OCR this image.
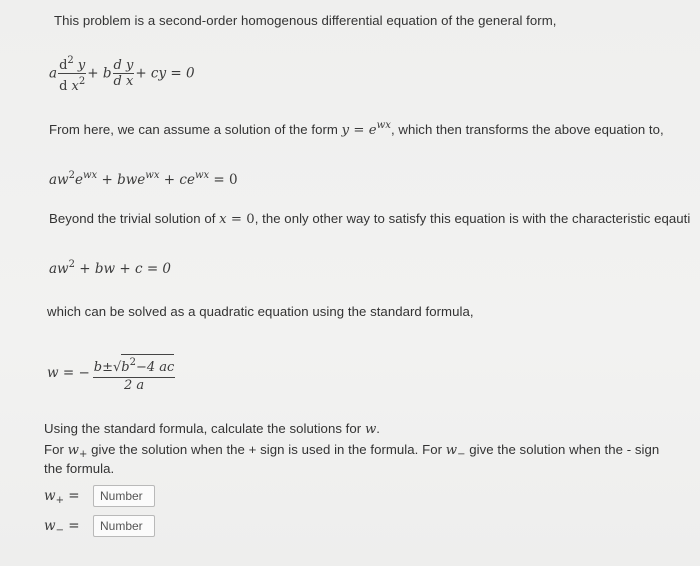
This problem is a second-order homogenous differential equation of the general form,
a $\frac{d^2 y}{d x^2} + b \frac{\text{d y}}{\text{d x}}$ + cy = 0
From here, we can assume a solution of the form $y = e^{wx}$, which then transforms the above equation to,
$aw^2e^{wx} + bwe^{wx} + ce^{wx} = 0$
Beyond the trivial solution of x = 0, the only other way to satisfy this equation is with the characteristic eqauti
$aw^2$ + bw + c = 0
which can be solved as a quadratic equation using the standard formula,
w = − $\frac{b\pm√b^2-4 ac}{2 a}$
Using the standard formula, calculate the solutions for w.
For $w_+$ give the solution when the + sign is used in the formula. For $w_-$ give the solution when the - sign
the formula.
$w_+$ =
Number
$w_-$ =
Number
